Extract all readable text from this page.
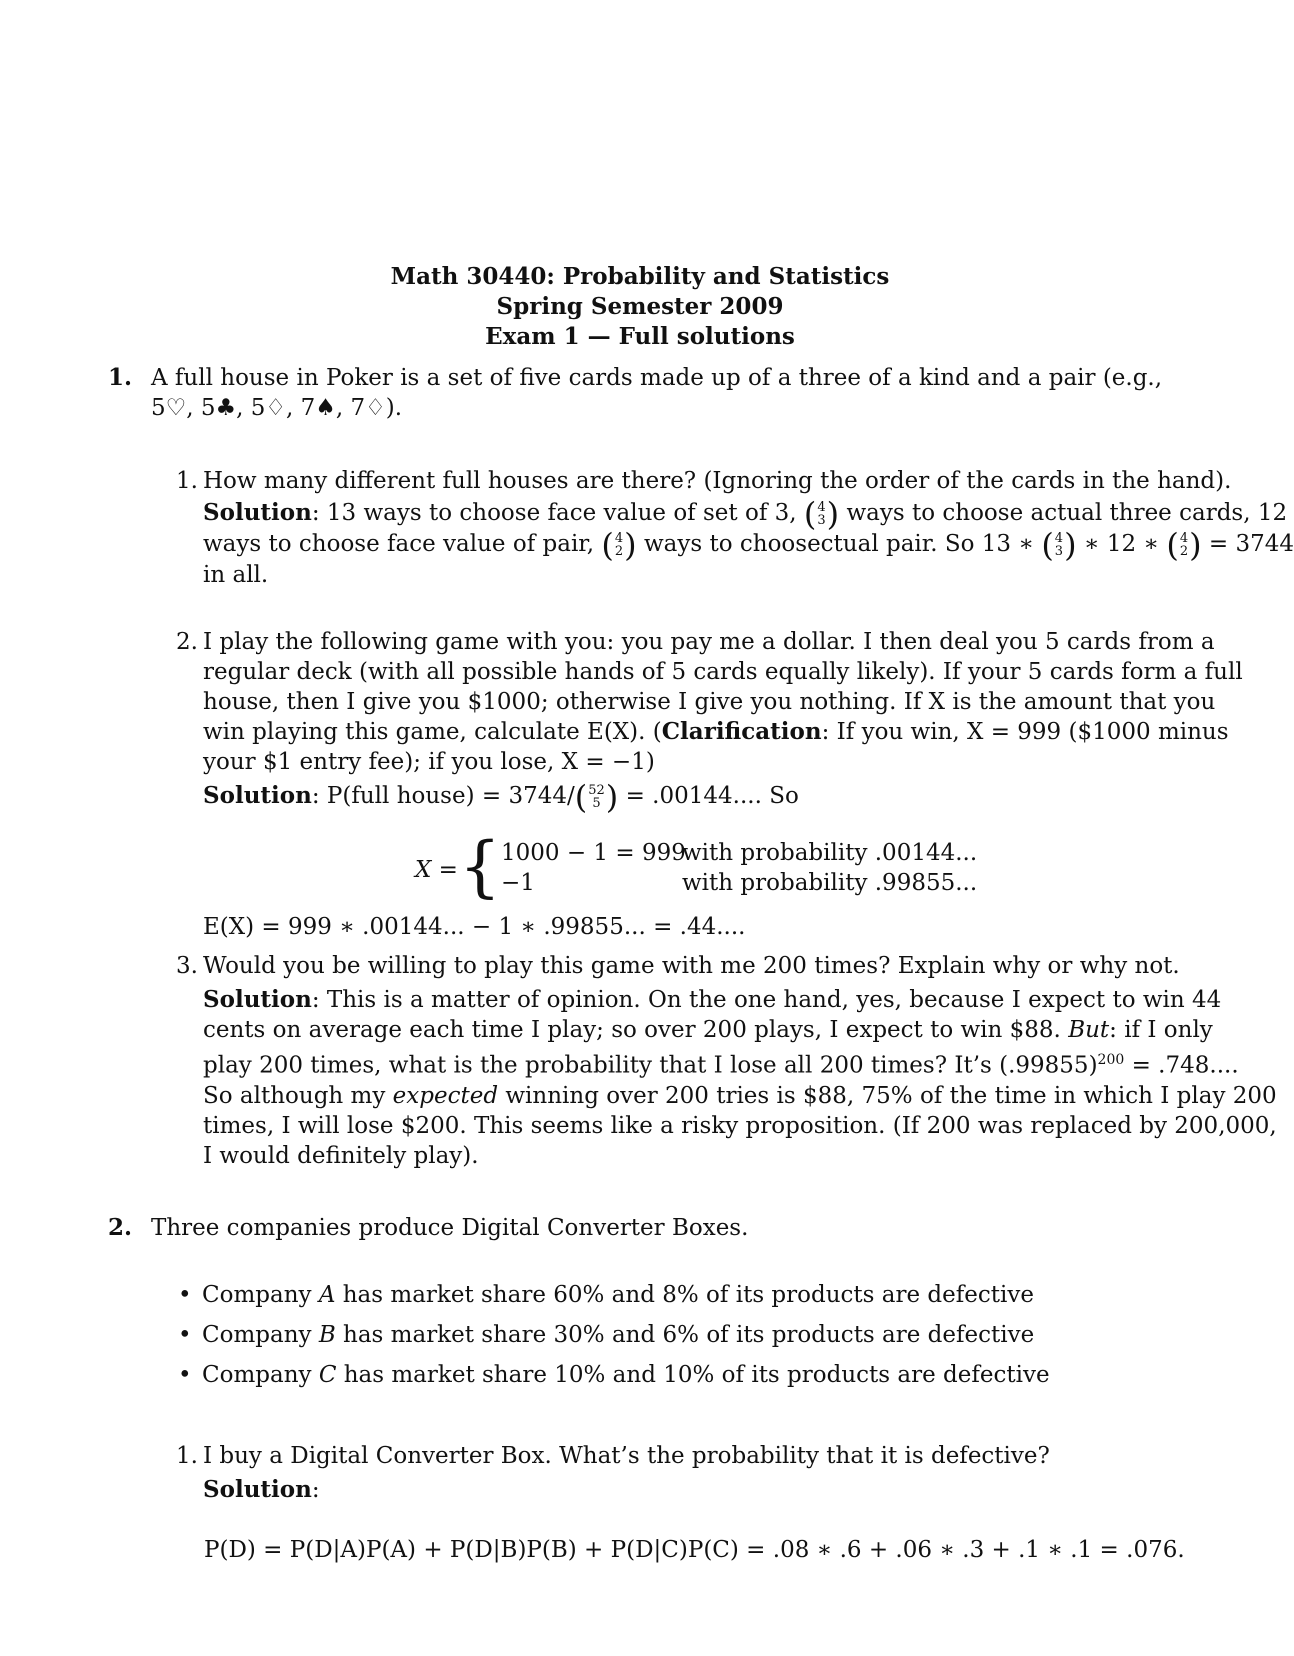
Math 30440: Probability and Statistics
Spring Semester 2009
Exam 1 — Full solutions
1. A full house in Poker is a set of five cards made up of a three of a kind and a pair (e.g.,
5♡, 5♣, 5♢, 7♠, 7♢).
1. How many different full houses are there? (Ignoring the order of the cards in the hand).
Solution: 13 ways to choose face value of set of 3, ( 4
3 ) ways to choose actual three cards, 12
ways to choose face value of pair, ( 4
2 ) ways to choosectual pair. So 13 ∗ ( 4
3 ) ∗ 12 ∗ ( 4
2 ) = 3744
in all.
2. I play the following game with you: you pay me a dollar. I then deal you 5 cards from a
regular deck (with all possible hands of 5 cards equally likely). If your 5 cards form a full
house, then I give you $1000; otherwise I give you nothing. If X is the amount that you
win playing this game, calculate E(X). (Clarification: If you win, X = 999 ($1000 minus
your $1 entry fee); if you lose, X = −1)
Solution: P(full house) = 3744/ ( 52
5 ) = .00144.... So
X = { 1000 − 1 = 999
with probability .00144...
−1	with probability .99855...
E(X) = 999 ∗ .00144... − 1 ∗ .99855... = .44....
3. Would you be willing to play this game with me 200 times? Explain why or why not.
Solution: This is a matter of opinion. On the one hand, yes, because I expect to win 44
cents on average each time I play; so over 200 plays, I expect to win $88. But: if I only
play 200 times, what is the probability that I lose all 200 times? It’s $(.99855)^{200} = .748$....
So although my expected winning over 200 tries is $88, 75% of the time in which I play 200
times, I will lose $200. This seems like a risky proposition. (If 200 was replaced by 200,000,
I would definitely play).
2. Three companies produce Digital Converter Boxes.
• Company A has market share 60% and 8% of its products are defective
• Company B has market share 30% and 6% of its products are defective
• Company C has market share 10% and 10% of its products are defective
1. I buy a Digital Converter Box. What’s the probability that it is defective?
Solution:
P(D) = P(D|A)P(A) + P(D|B)P(B) + P(D|C)P(C) = .08 ∗ .6 + .06 ∗ .3 + .1 ∗ .1 = .076.
